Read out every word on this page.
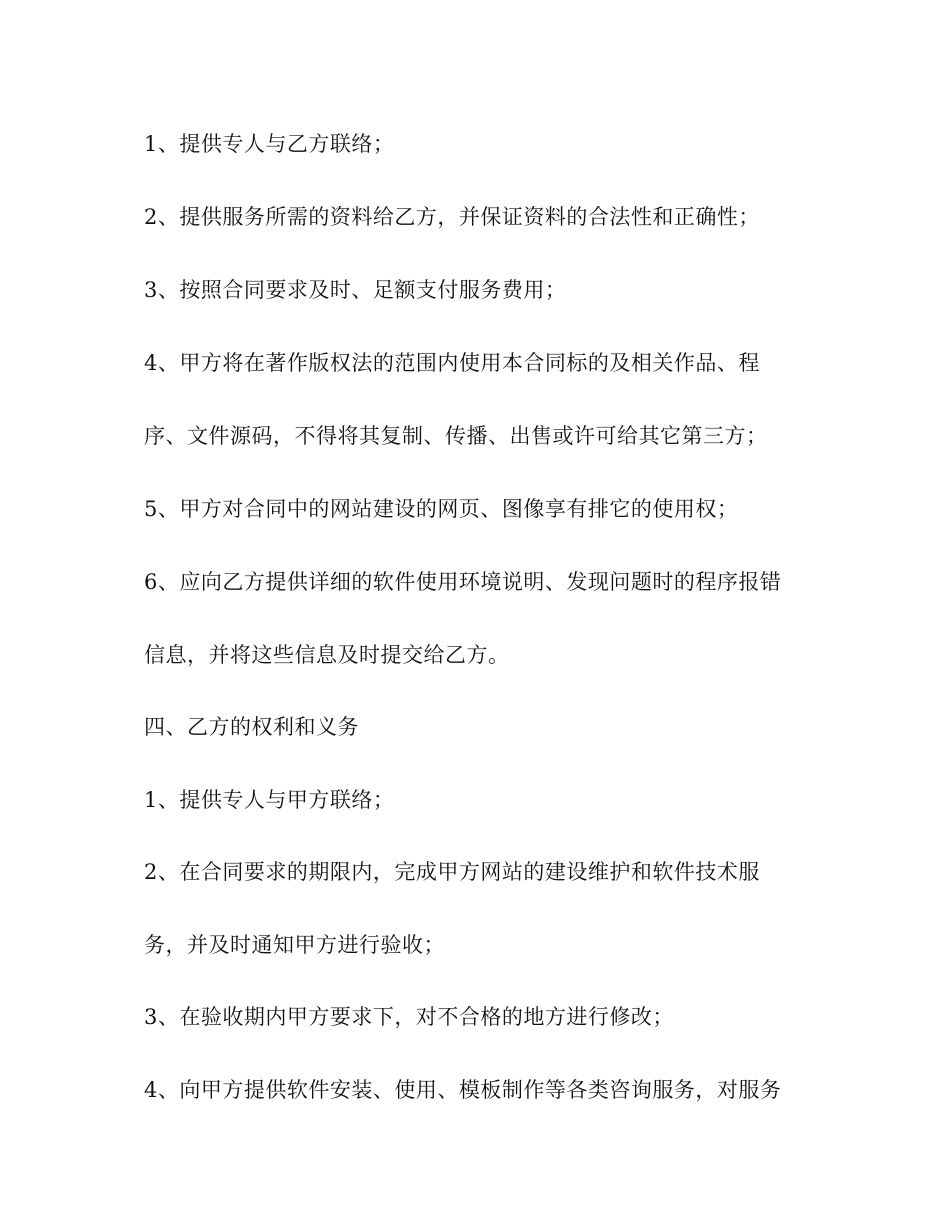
1、提供专人与乙方联络；
2、提供服务所需的资料给乙方，并保证资料的合法性和正确性；
3、按照合同要求及时、足额支付服务费用；
4、甲方将在著作版权法的范围内使用本合同标的及相关作品、程
序、文件源码，不得将其复制、传播、出售或许可给其它第三方；
5、甲方对合同中的网站建设的网页、图像享有排它的使用权；
6、应向乙方提供详细的软件使用环境说明、发现问题时的程序报错
信息，并将这些信息及时提交给乙方。
四、乙方的权利和义务
1、提供专人与甲方联络；
2、在合同要求的期限内，完成甲方网站的建设维护和软件技术服
务，并及时通知甲方进行验收；
3、在验收期内甲方要求下，对不合格的地方进行修改；
4、向甲方提供软件安装、使用、模板制作等各类咨询服务，对服务
